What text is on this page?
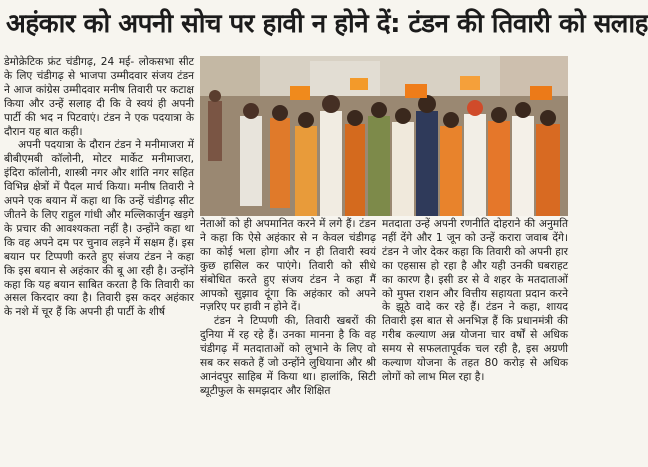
अहंकार को अपनी सोच पर हावी न होने दें: टंडन की तिवारी को सलाह

डेमोक्रेटिक फ्रंट चंडीगढ़, 24 मई- लोकसभा सीट के लिए चंडीगढ़ से भाजपा उम्मीदवार संजय टंडन ने आज कांग्रेस उम्मीदवार मनीष तिवारी पर कटाक्ष किया और उन्हें सलाह दी कि वे स्वयं ही अपनी पार्टी की भद न पिटवाएं। टंडन ने एक पदयात्रा के दौरान यह बात कही।

अपनी पदयात्रा के दौरान टंडन ने मनीमाजरा में बीबीएमबी कॉलोनी, मोटर मार्केट मनीमाजरा, इंदिरा कॉलोनी, शास्त्री नगर और शांति नगर सहित विभिन्न क्षेत्रों में पैदल मार्च किया। मनीष तिवारी ने अपने एक बयान में कहा था कि उन्हें चंडीगढ़ सीट जीतने के लिए राहुल गांधी और मल्लिकार्जुन खड़गे के प्रचार की आवश्यकता नहीं है। उन्होंने कहा था कि वह अपने दम पर चुनाव लड़ने में सक्षम हैं। इस बयान पर टिप्पणी करते हुए संजय टंडन ने कहा कि इस बयान से अहंकार की बू आ रही है। उन्होंने कहा कि यह बयान साबित करता है कि तिवारी का असल किरदार क्या है। तिवारी इस कदर अहंकार के नशे में चूर हैं कि अपनी ही पार्टी के शीर्ष

नेताओं को ही अपमानित करने में लगे हैं। टंडन ने कहा कि ऐसे अहंकार से न केवल चंडीगढ़ का कोई भला होगा और न ही तिवारी स्वयं कुछ हासिल कर पाएंगे। तिवारी को सीधे संबोधित करते हुए संजय टंडन ने कहा मैं आपको सुझाव दूंगा कि अहंकार को अपने नज़रिए पर हावी न होने दें।

टंडन ने टिप्पणी की, तिवारी खबरों की दुनिया में रह रहे हैं। उनका मानना है कि वह चंडीगढ़ में मतदाताओं को लुभाने के लिए वो सब कर सकते हैं जो उन्होंने लुधियाना और श्री आनंदपुर साहिब में किया था। हालांकि, सिटी ब्यूटीफुल के समझदार और शिक्षित

मतदाता उन्हें अपनी रणनीति दोहराने की अनुमति नहीं देंगे और 1 जून को उन्हें करारा जवाब देंगे। टंडन ने जोर देकर कहा कि तिवारी को अपनी हार का एहसास हो रहा है और यही उनकी घबराहट का कारण है। इसी डर से वे शहर के मतदाताओं को मुफ्त राशन और वित्तीय सहायता प्रदान करने के झूठे वादे कर रहे हैं। टंडन ने कहा, शायद तिवारी इस बात से अनभिज्ञ हैं कि प्रधानमंत्री की गरीब कल्याण अन्न योजना चार वर्षों से अधिक समय से सफलतापूर्वक चल रही है, इस अग्रणी कल्याण योजना के तहत 80 करोड़ से अधिक लोगों को लाभ मिल रहा है।
